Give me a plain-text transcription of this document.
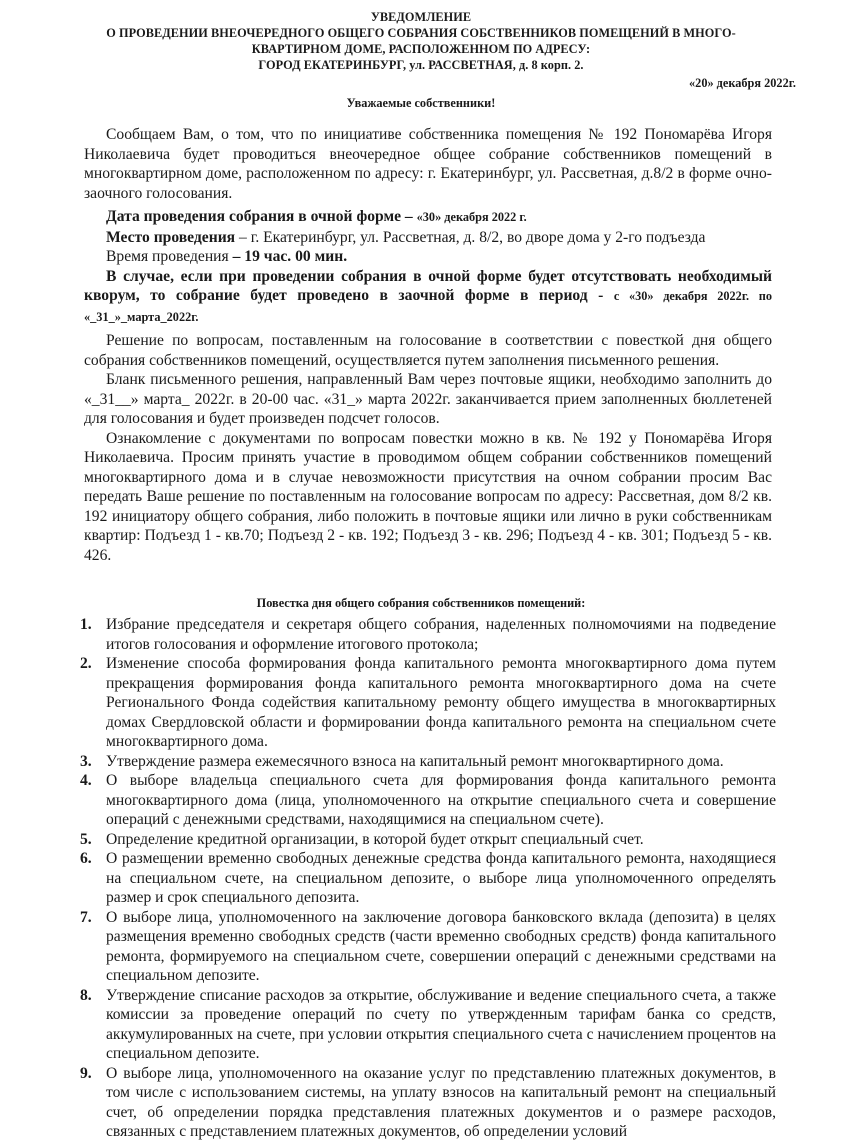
УВЕДОМЛЕНИЕ
О ПРОВЕДЕНИИ ВНЕОЧЕРЕДНОГО ОБЩЕГО СОБРАНИЯ СОБСТВЕННИКОВ ПОМЕЩЕНИЙ В МНОГО-
КВАРТИРНОМ ДОМЕ, РАСПОЛОЖЕННОМ ПО АДРЕСУ:
ГОРОД ЕКАТЕРИНБУРГ, ул. РАССВЕТНАЯ, д. 8 корп. 2.
«20» декабря 2022г.
Уважаемые собственники!

Сообщаем Вам, о том, что по инициативе собственника помещения № 192 Пономарёва Игоря Николаевича будет проводиться внеочередное общее собрание собственников помещений в многоквартирном доме, расположенном по адресу: г. Екатеринбург, ул. Рассветная, д.8/2 в форме очно-заочного голосования.

Дата проведения собрания в очной форме – «30» декабря 2022 г.

Место проведения – г. Екатеринбург, ул. Рассветная, д. 8/2, во дворе дома у 2-го подъезда

Время проведения – 19 час. 00 мин.

В случае, если при проведении собрания в очной форме будет отсутствовать необходимый кворум, то собрание будет проведено в заочной форме в период - с «30» декабря 2022г. по «_31_»_марта_2022г.

Решение по вопросам, поставленным на голосование в соответствии с повесткой дня общего собрания собственников помещений, осуществляется путем заполнения письменного решения.

Бланк письменного решения, направленный Вам через почтовые ящики, необходимо заполнить до «_31__» марта_ 2022г. в 20-00 час. «31_» марта 2022г. заканчивается прием заполненных бюллетеней для голосования и будет произведен подсчет голосов.

Ознакомление с документами по вопросам повестки можно в кв. № 192 у Пономарёва Игоря Николаевича. Просим принять участие в проводимом общем собрании собственников помещений многоквартирного дома и в случае невозможности присутствия на очном собрании просим Вас передать Ваше решение по поставленным на голосование вопросам по адресу: Рассветная, дом 8/2 кв. 192 инициатору общего собрания, либо положить в почтовые ящики или лично в руки собственникам квартир: Подъезд 1 - кв.70; Подъезд 2 - кв. 192; Подъезд 3 - кв. 296; Подъезд 4 - кв. 301; Подъезд 5 - кв. 426.

Повестка дня общего собрания собственников помещений:
1. Избрание председателя и секретаря общего собрания, наделенных полномочиями на подведение итогов голосования и оформление итогового протокола;
2. Изменение способа формирования фонда капитального ремонта многоквартирного дома путем прекращения формирования фонда капитального ремонта многоквартирного дома на счете Регионального Фонда содействия капитальному ремонту общего имущества в многоквартирных домах Свердловской области и формировании фонда капитального ремонта на специальном счете многоквартирного дома.
3. Утверждение размера ежемесячного взноса на капитальный ремонт многоквартирного дома.
4. О выборе владельца специального счета для формирования фонда капитального ремонта многоквартирного дома (лица, уполномоченного на открытие специального счета и совершение операций с денежными средствами, находящимися на специальном счете).
5. Определение кредитной организации, в которой будет открыт специальный счет.
6. О размещении временно свободных денежные средства фонда капитального ремонта, находящиеся на специальном счете, на специальном депозите, о выборе лица уполномоченного определять размер и срок специального депозита.
7. О выборе лица, уполномоченного на заключение договора банковского вклада (депозита) в целях размещения временно свободных средств (части временно свободных средств) фонда капитального ремонта, формируемого на специальном счете, совершении операций с денежными средствами на специальном депозите.
8. Утверждение списание расходов за открытие, обслуживание и ведение специального счета, а также комиссии за проведение операций по счету по утвержденным тарифам банка со средств, аккумулированных на счете, при условии открытия специального счета с начислением процентов на специальном депозите.
9. О выборе лица, уполномоченного на оказание услуг по представлению платежных документов, в том числе с использованием системы, на уплату взносов на капитальный ремонт на специальный счет, об определении порядка представления платежных документов и о размере расходов, связанных с представлением платежных документов, об определении условий
